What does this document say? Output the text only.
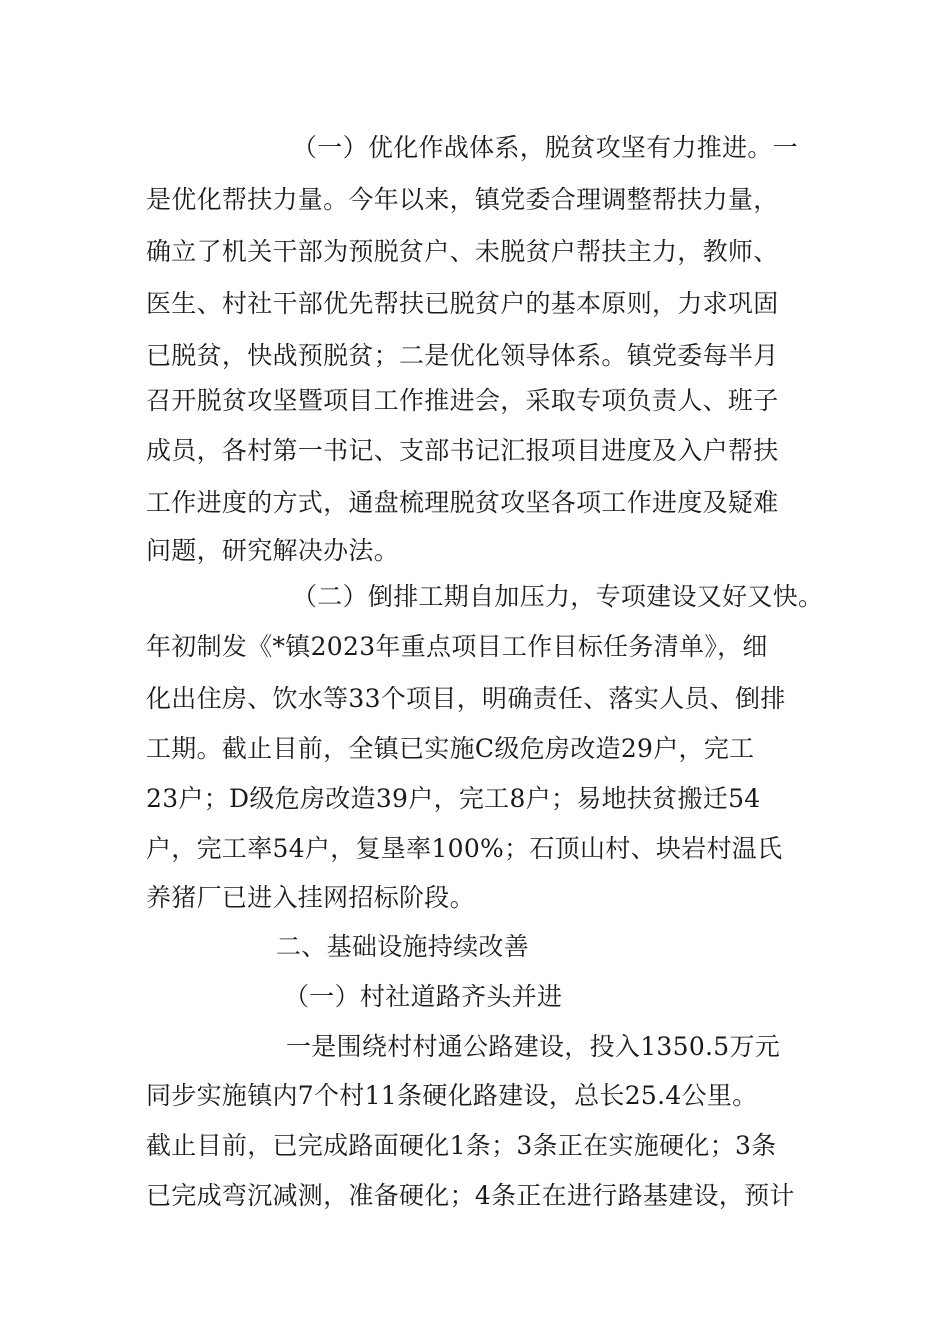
（一）优化作战体系，脱贫攻坚有力推进。一
是优化帮扶力量。今年以来，镇党委合理调整帮扶力量，
确立了机关干部为预脱贫户、未脱贫户帮扶主力，教师、
医生、村社干部优先帮扶已脱贫户的基本原则，力求巩固
已脱贫，快战预脱贫；二是优化领导体系。镇党委每半月
召开脱贫攻坚暨项目工作推进会，采取专项负责人、班子
成员，各村第一书记、支部书记汇报项目进度及入户帮扶
工作进度的方式，通盘梳理脱贫攻坚各项工作进度及疑难
问题，研究解决办法。
（二）倒排工期自加压力，专项建设又好又快。
年初制发《*镇2023年重点项目工作目标任务清单》，细
化出住房、饮水等33个项目，明确责任、落实人员、倒排
工期。截止目前，全镇已实施C级危房改造29户，完工
23户；D级危房改造39户，完工8户；易地扶贫搬迁54
户，完工率54户，复垦率100%；石顶山村、块岩村温氏
养猪厂已进入挂网招标阶段。
二、基础设施持续改善
（一）村社道路齐头并进
一是围绕村村通公路建设，投入1350.5万元
同步实施镇内7个村11条硬化路建设，总长25.4公里。
截止目前，已完成路面硬化1条；3条正在实施硬化；3条
已完成弯沉减测，准备硬化；4条正在进行路基建设，预计
